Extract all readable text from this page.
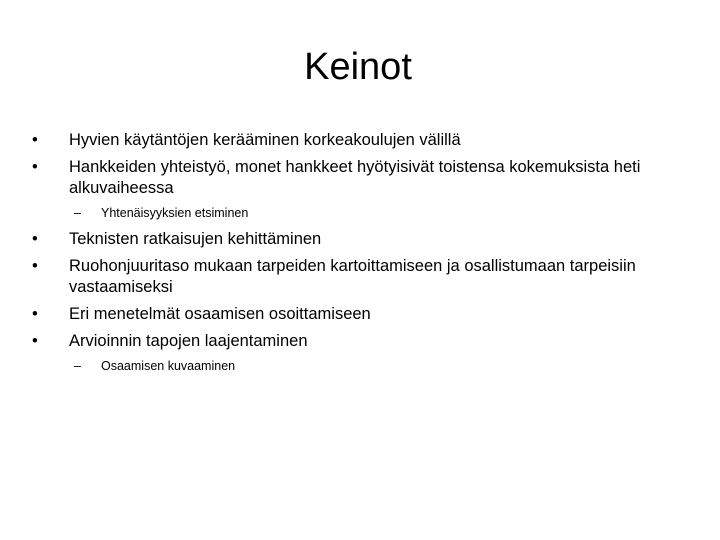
Keinot
•	Hyvien käytäntöjen kerääminen korkeakoulujen välillä
•	Hankkeiden yhteistyö, monet hankkeet hyötyisivät toistensa kokemuksista heti alkuvaiheessa
– Yhtenäisyyksien etsiminen
•	Teknisten ratkaisujen kehittäminen
•	Ruohonjuuritaso mukaan tarpeiden kartoittamiseen ja osallistumaan tarpeisiin vastaamiseksi
•	Eri menetelmät osaamisen osoittamiseen
•	Arvioinnin tapojen laajentaminen
– Osaamisen kuvaaminen
